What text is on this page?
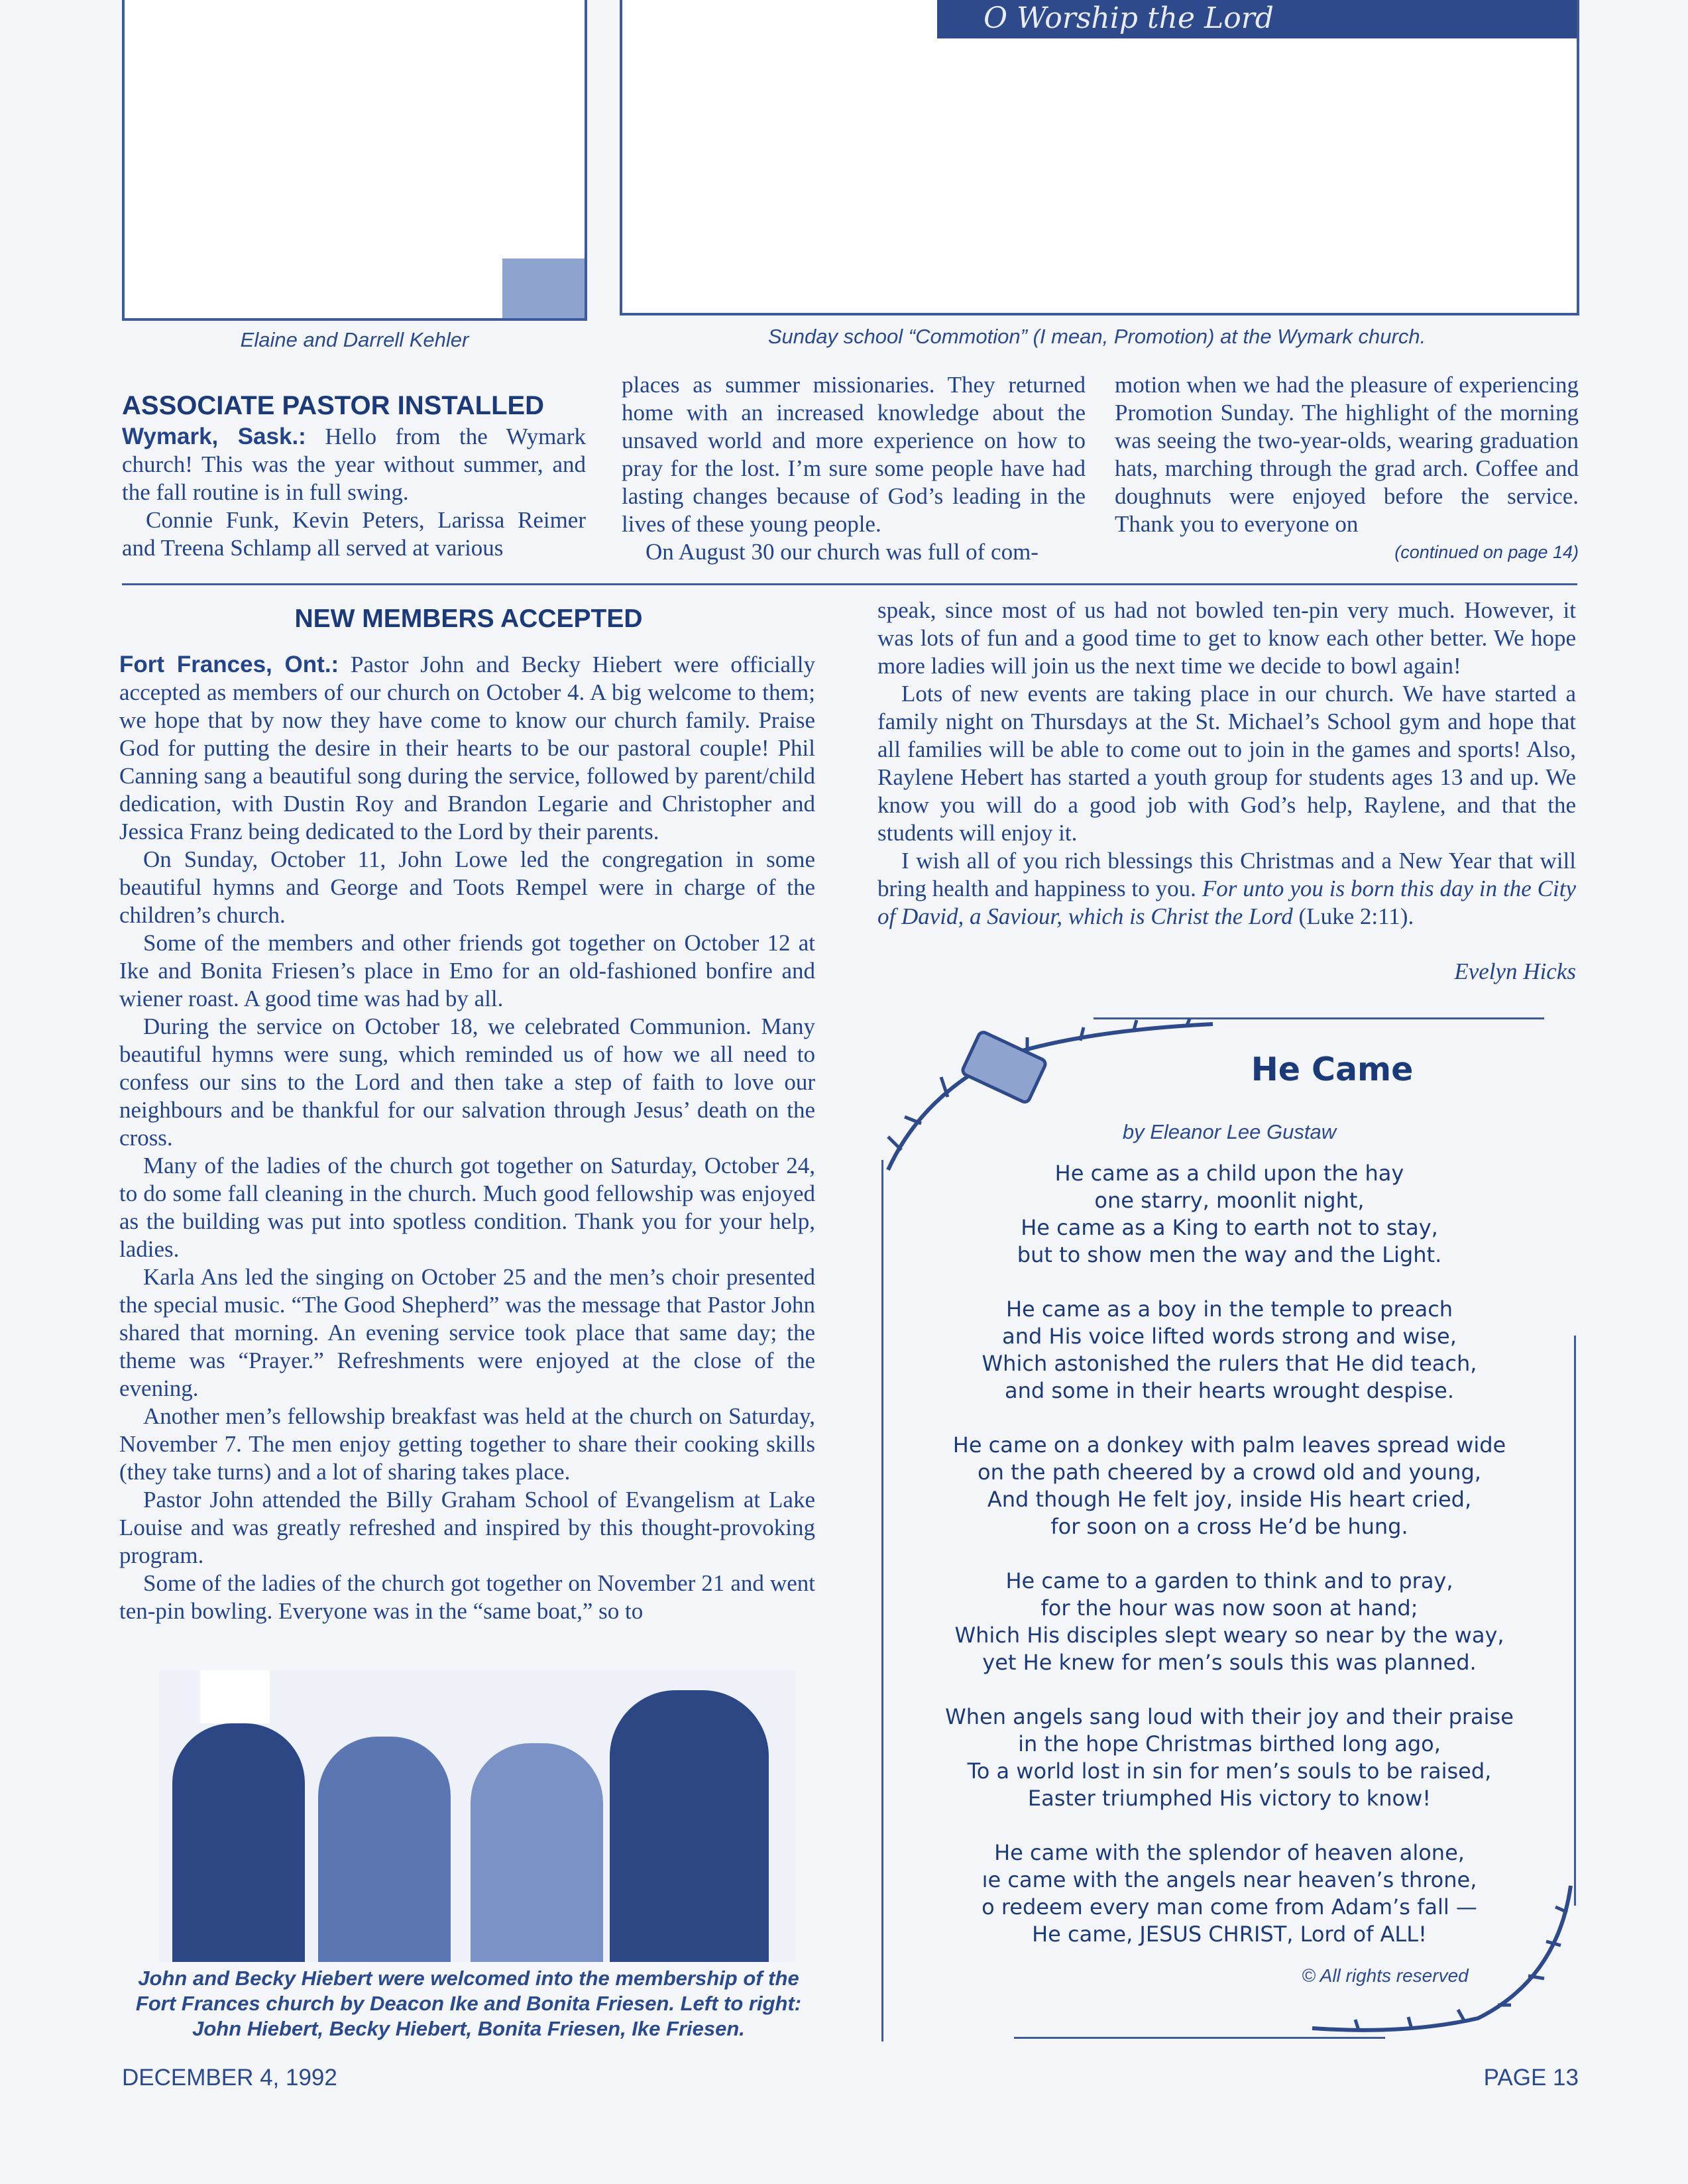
Elaine and Darrell Kehler
O Worship the Lord
Sunday school “Commotion” (I mean, Promotion) at the Wymark church.
ASSOCIATE PASTOR INSTALLED

Wymark, Sask.: Hello from the Wymark church! This was the year without summer, and the fall routine is in full swing.

Connie Funk, Kevin Peters, Larissa Reimer and Treena Schlamp all served at various

places as summer missionaries. They returned home with an increased knowledge about the unsaved world and more experience on how to pray for the lost. I’m sure some people have had lasting changes because of God’s leading in the lives of these young people.

On August 30 our church was full of com-

motion when we had the pleasure of experiencing Promotion Sunday. The highlight of the morning was seeing the two-year-olds, wearing graduation hats, marching through the grad arch. Coffee and doughnuts were enjoyed before the service. Thank you to everyone on

(continued on page 14)
NEW MEMBERS ACCEPTED

Fort Frances, Ont.: Pastor John and Becky Hiebert were officially accepted as members of our church on October 4. A big welcome to them; we hope that by now they have come to know our church family. Praise God for putting the desire in their hearts to be our pastoral couple! Phil Canning sang a beautiful song during the service, followed by parent/child dedication, with Dustin Roy and Brandon Legarie and Christopher and Jessica Franz being dedicated to the Lord by their parents.

On Sunday, October 11, John Lowe led the congregation in some beautiful hymns and George and Toots Rempel were in charge of the children’s church.

Some of the members and other friends got together on October 12 at Ike and Bonita Friesen’s place in Emo for an old-fashioned bonfire and wiener roast. A good time was had by all.

During the service on October 18, we celebrated Communion. Many beautiful hymns were sung, which reminded us of how we all need to confess our sins to the Lord and then take a step of faith to love our neighbours and be thankful for our salvation through Jesus’ death on the cross.

Many of the ladies of the church got together on Saturday, October 24, to do some fall cleaning in the church. Much good fellowship was enjoyed as the building was put into spotless condition. Thank you for your help, ladies.

Karla Ans led the singing on October 25 and the men’s choir presented the special music. “The Good Shepherd” was the message that Pastor John shared that morning. An evening service took place that same day; the theme was “Prayer.” Refreshments were enjoyed at the close of the evening.

Another men’s fellowship breakfast was held at the church on Saturday, November 7. The men enjoy getting together to share their cooking skills (they take turns) and a lot of sharing takes place.

Pastor John attended the Billy Graham School of Evangelism at Lake Louise and was greatly refreshed and inspired by this thought-provoking program.

Some of the ladies of the church got together on November 21 and went ten-pin bowling. Everyone was in the “same boat,” so to

John and Becky Hiebert were welcomed into the membership of the Fort Frances church by Deacon Ike and Bonita Friesen. Left to right: John Hiebert, Becky Hiebert, Bonita Friesen, Ike Friesen.

speak, since most of us had not bowled ten-pin very much. However, it was lots of fun and a good time to get to know each other better. We hope more ladies will join us the next time we decide to bowl again!

Lots of new events are taking place in our church. We have started a family night on Thursdays at the St. Michael’s School gym and hope that all families will be able to come out to join in the games and sports! Also, Raylene Hebert has started a youth group for students ages 13 and up. We know you will do a good job with God’s help, Raylene, and that the students will enjoy it.

I wish all of you rich blessings this Christmas and a New Year that will bring health and happiness to you. For unto you is born this day in the City of David, a Saviour, which is Christ the Lord (Luke 2:11).

Evelyn Hicks
He Came
by Eleanor Lee Gustaw
He came as a child upon the hay
one starry, moonlit night,
He came as a King to earth not to stay,
but to show men the way and the Light.
He came as a boy in the temple to preach
and His voice lifted words strong and wise,
Which astonished the rulers that He did teach,
and some in their hearts wrought despise.
He came on a donkey with palm leaves spread wide
on the path cheered by a crowd old and young,
And though He felt joy, inside His heart cried,
for soon on a cross He’d be hung.
He came to a garden to think and to pray,
for the hour was now soon at hand;
Which His disciples slept weary so near by the way,
yet He knew for men’s souls this was planned.
When angels sang loud with their joy and their praise
in the hope Christmas birthed long ago,
To a world lost in sin for men’s souls to be raised,
Easter triumphed His victory to know!
He came with the splendor of heaven alone,
ıe came with the angels near heaven’s throne,
o redeem every man come from Adam’s fall —
He came, JESUS CHRIST, Lord of ALL!
© All rights reserved
DECEMBER 4, 1992	PAGE 13
